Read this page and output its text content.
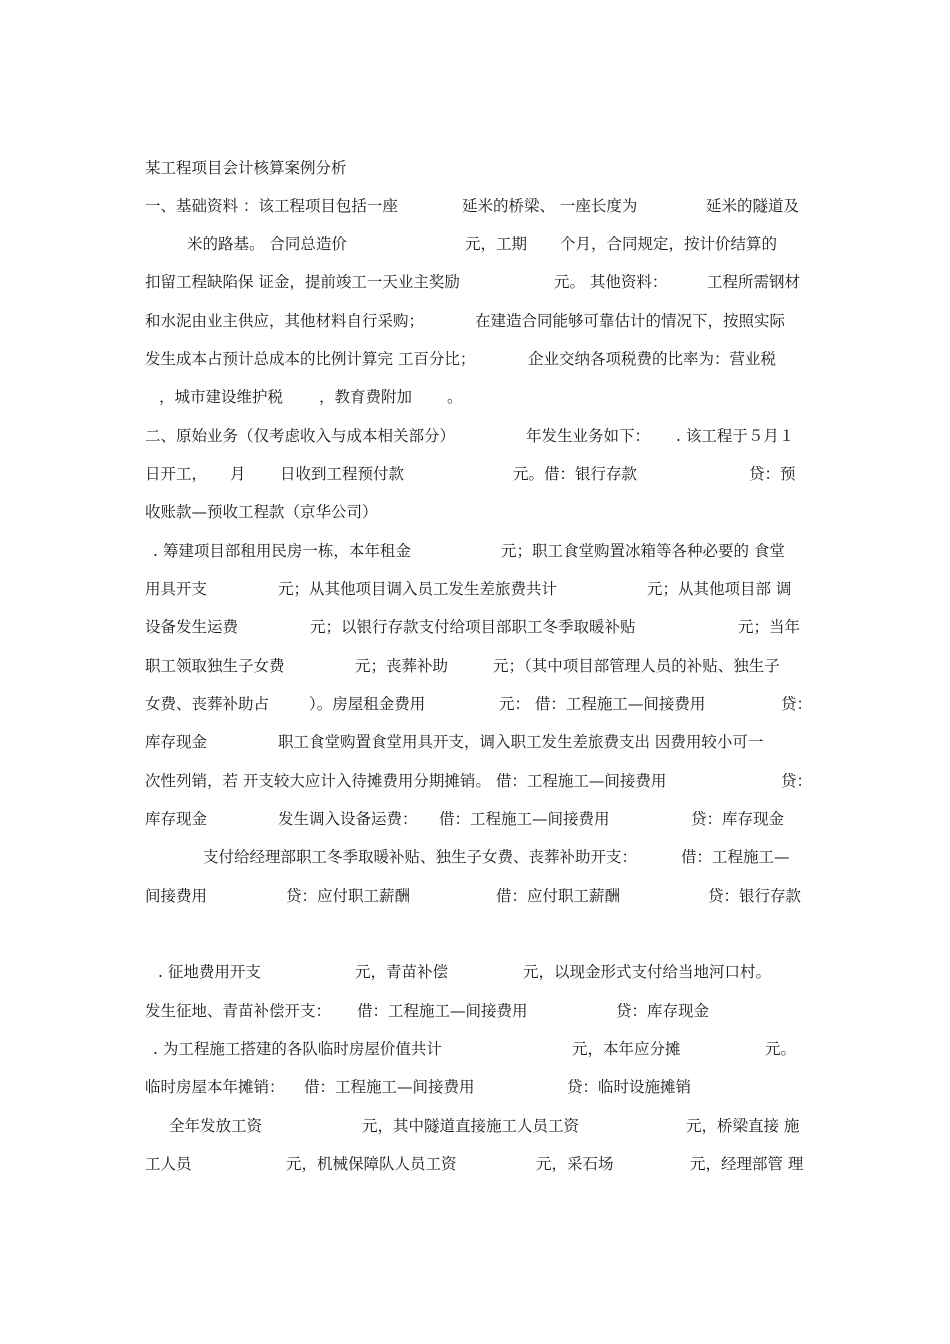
某工程项目会计核算案例分析
一、基础资料 ：该工程项目包括一座	延米的桥梁、 一座长度为	延米的隧道及
米的路基。 合同总造价	元，工期 个月，合同规定，按计价结算的
扣留工程缺陷保 证金，提前竣工一天业主奖励	元。 其他资料：	工程所需钢材
和水泥由业主供应，其他材料自行采购；	在建造合同能够可靠估计的情况下，按照实际
发生成本占预计总成本的比例计算完 工百分比；	企业交纳各项税费的比率为：营业税
，城市建设维护税 ，教育费附加 。
二、原始业务（仅考虑收入与成本相关部分）	年发生业务如下： . 该工程于５月１
日开工， 月 日收到工程预付款	元。借：银行存款	贷：预
收账款—预收工程款（京华公司）
. 筹建项目部租用民房一栋，本年租金	元；职工食堂购置冰箱等各种必要的 食堂
用具开支	元；从其他项目调入员工发生差旅费共计	元；从其他项目部 调
设备发生运费	元；以银行存款支付给项目部职工冬季取暖补贴	元；当年
职工领取独生子女费	元；丧葬补助	元；（其中项目部管理人员的补贴、独生子
女费、丧葬补助占	）。房屋租金费用	元： 借：工程施工—间接费用	贷：
库存现金	职工食堂购置食堂用具开支，调入职工发生差旅费支出 因费用较小可一
次性列销，若 开支较大应计入待摊费用分期摊销。 借：工程施工—间接费用	贷：
库存现金	发生调入设备运费： 借：工程施工—间接费用	贷：库存现金
支付给经理部职工冬季取暖补贴、独生子女费、丧葬补助开支：	借：工程施工—
间接费用	贷：应付职工薪酬	借：应付职工薪酬	贷：银行存款
. 征地费用开支	元，青苗补偿	元，以现金形式支付给当地河口村。
发生征地、青苗补偿开支： 借：工程施工—间接费用	贷：库存现金
. 为工程施工搭建的各队临时房屋价值共计	元，本年应分摊	元。
临时房屋本年摊销： 借：工程施工—间接费用	贷：临时设施摊销
全年发放工资	元，其中隧道直接施工人员工资	元，桥梁直接 施
工人员	元，机械保障队人员工资	元，采石场	元，经理部管 理
